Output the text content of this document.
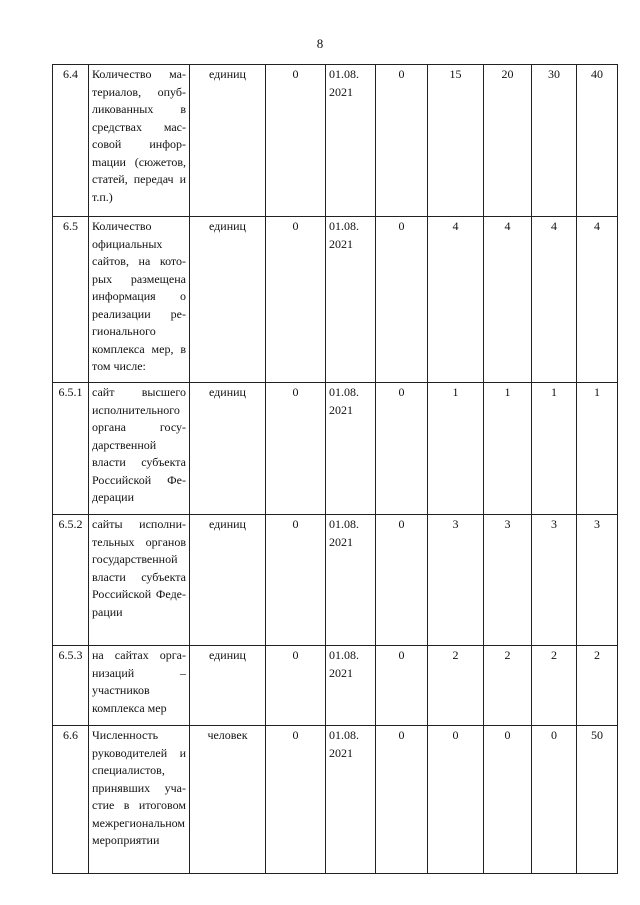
8
6.4	Количество материалов, опубликованных в средствах массовой инфорmации (сюжетов, статей, передач и т.п.)	единиц	0	01.08. 2021	0	15	20	30	40
6.5	Количество официальных сайтов, на которых размещена информация о реализации регионального комплекса мер, в том числе:	единиц	0	01.08. 2021	0	4	4	4	4
6.5.1	сайт высшего исполнительного органа государственной власти субъекта Российской Федерации	единиц	0	01.08. 2021	0	1	1	1	1
6.5.2	сайты исполнительных органов государственной власти субъекта Российской Федерации	единиц	0	01.08. 2021	0	3	3	3	3
6.5.3	на сайтах организаций – участников комплекса мер	единиц	0	01.08. 2021	0	2	2	2	2
6.6	Численность руководителей и специалистов, принявших участие в итоговом межрегиональном мероприятии	человек	0	01.08. 2021	0	0	0	0	50
